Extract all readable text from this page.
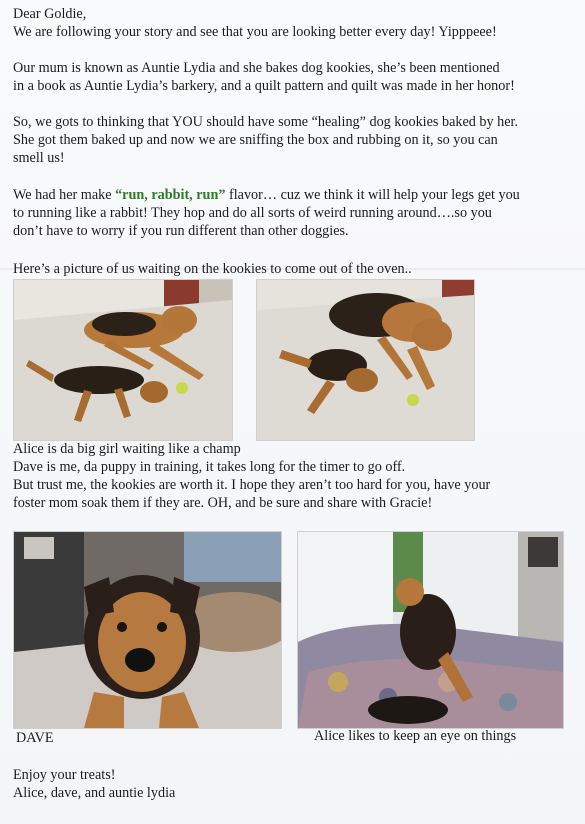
Dear Goldie,

We are following your story and see that you are looking better every day! Yipppeee!

Our mum is known as Auntie Lydia and she bakes dog kookies, she’s been mentioned
in a book as Auntie Lydia’s barkery, and a quilt pattern and quilt was made in her honor!
So, we gots to thinking that YOU should have some “healing” dog kookies baked by her.
She got them baked up and now we are sniffing the box and rubbing on it, so you can
smell us!
We had her make “run, rabbit, run” flavor… cuz we think it will help your legs get you
to running like a rabbit! They hop and do all sorts of weird running around….so you
don’t have to worry if you run different than other doggies.

Here’s a picture of us waiting on the kookies to come out of the oven..

Alice is da big girl waiting like a champ
Dave is me, da puppy in training, it takes long for the timer to go off.
But trust me, the kookies are worth it. I hope they aren’t too hard for you, have your
foster mom soak them if they are. OH, and be sure and share with Gracie!
DAVE	Alice likes to keep an eye on things

Enjoy your treats!

Alice, dave, and auntie lydia
